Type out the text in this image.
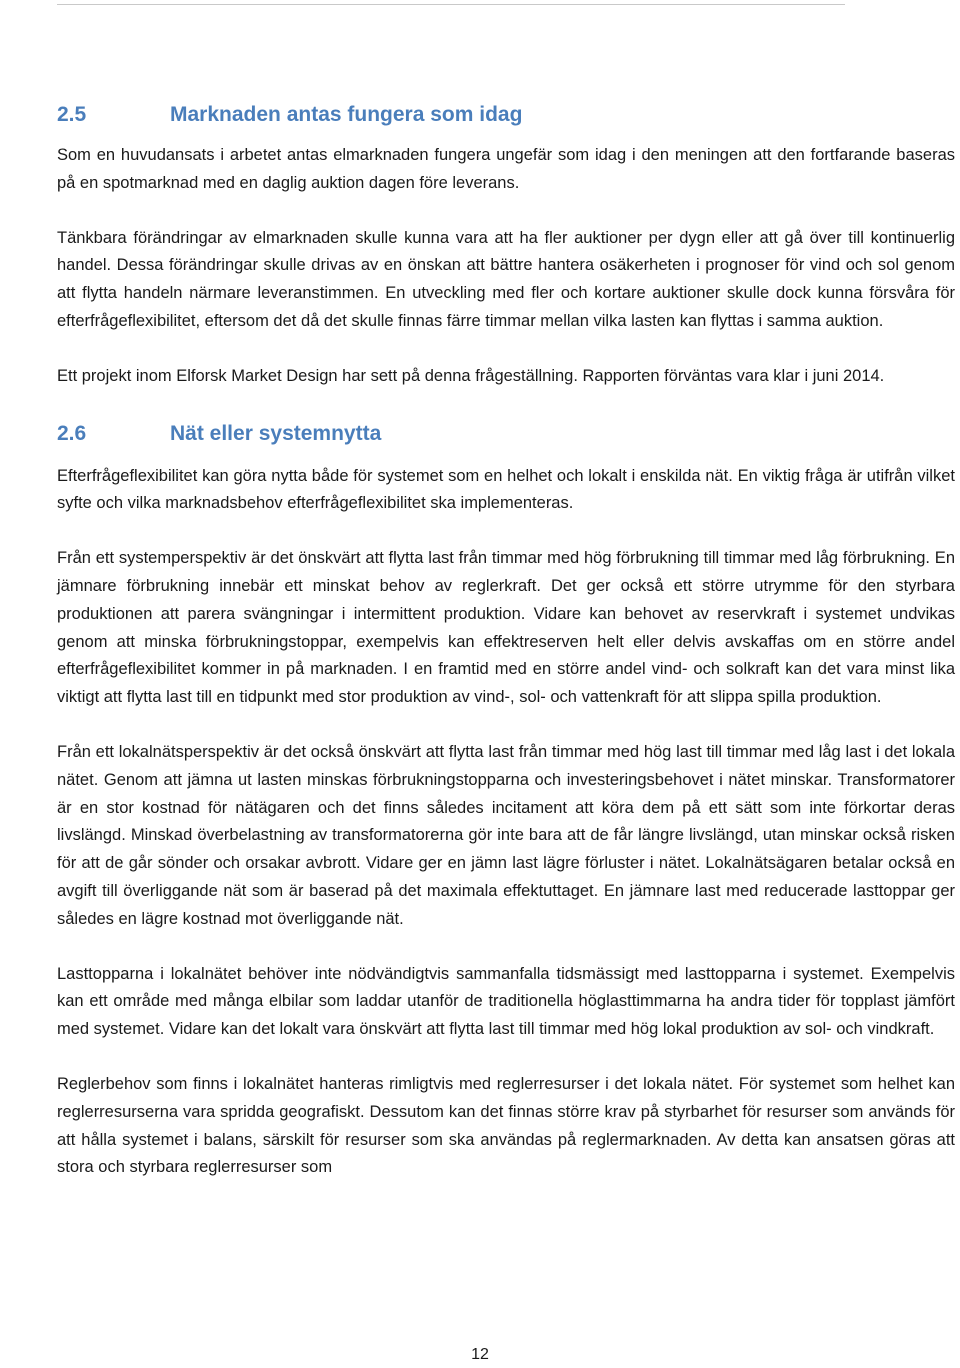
2.5	Marknaden antas fungera som idag

Som en huvudansats i arbetet antas elmarknaden fungera ungefär som idag i den meningen att den fortfarande baseras på en spotmarknad med en daglig auktion dagen före leverans.

Tänkbara förändringar av elmarknaden skulle kunna vara att ha fler auktioner per dygn eller att gå över till kontinuerlig handel. Dessa förändringar skulle drivas av en önskan att bättre hantera osäkerheten i prognoser för vind och sol genom att flytta handeln närmare leveranstimmen. En utveckling med fler och kortare auktioner skulle dock kunna försvåra för efterfrågeflexibilitet, eftersom det då det skulle finnas färre timmar mellan vilka lasten kan flyttas i samma auktion.

Ett projekt inom Elforsk Market Design har sett på denna frågeställning. Rapporten förväntas vara klar i juni 2014.

2.6	Nät eller systemnytta

Efterfrågeflexibilitet kan göra nytta både för systemet som en helhet och lokalt i enskilda nät. En viktig fråga är utifrån vilket syfte och vilka marknadsbehov efterfrågeflexibilitet ska implementeras.

Från ett systemperspektiv är det önskvärt att flytta last från timmar med hög förbrukning till timmar med låg förbrukning. En jämnare förbrukning innebär ett minskat behov av reglerkraft. Det ger också ett större utrymme för den styrbara produktionen att parera svängningar i intermittent produktion. Vidare kan behovet av reservkraft i systemet undvikas genom att minska förbrukningstoppar, exempelvis kan effektreserven helt eller delvis avskaffas om en större andel efterfrågeflexibilitet kommer in på marknaden. I en framtid med en större andel vind- och solkraft kan det vara minst lika viktigt att flytta last till en tidpunkt med stor produktion av vind-, sol- och vattenkraft för att slippa spilla produktion.

Från ett lokalnätsperspektiv är det också önskvärt att flytta last från timmar med hög last till timmar med låg last i det lokala nätet. Genom att jämna ut lasten minskas förbrukningstopparna och investeringsbehovet i nätet minskar. Transformatorer är en stor kostnad för nätägaren och det finns således incitament att köra dem på ett sätt som inte förkortar deras livslängd. Minskad överbelastning av transformatorerna gör inte bara att de får längre livslängd, utan minskar också risken för att de går sönder och orsakar avbrott. Vidare ger en jämn last lägre förluster i nätet. Lokalnätsägaren betalar också en avgift till överliggande nät som är baserad på det maximala effektuttaget. En jämnare last med reducerade lasttoppar ger således en lägre kostnad mot överliggande nät.

Lasttopparna i lokalnätet behöver inte nödvändigtvis sammanfalla tidsmässigt med lasttopparna i systemet. Exempelvis kan ett område med många elbilar som laddar utanför de traditionella höglasttimmarna ha andra tider för topplast jämfört med systemet. Vidare kan det lokalt vara önskvärt att flytta last till timmar med hög lokal produktion av sol- och vindkraft.

Reglerbehov som finns i lokalnätet hanteras rimligtvis med reglerresurser i det lokala nätet. För systemet som helhet kan reglerresurserna vara spridda geografiskt. Dessutom kan det finnas större krav på styrbarhet för resurser som används för att hålla systemet i balans, särskilt för resurser som ska användas på reglermarknaden. Av detta kan ansatsen göras att stora och styrbara reglerresurser som

12
